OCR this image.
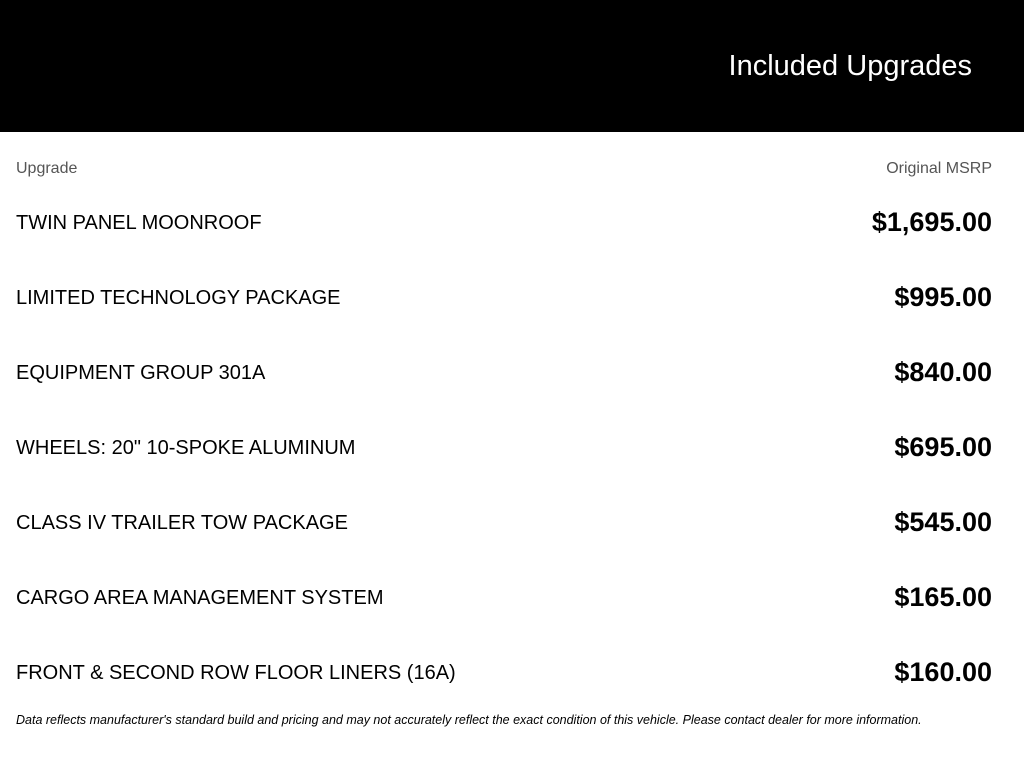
Included Upgrades
Upgrade	Original MSRP
TWIN PANEL MOONROOF	$1,695.00
LIMITED TECHNOLOGY PACKAGE	$995.00
EQUIPMENT GROUP 301A	$840.00
WHEELS: 20" 10-SPOKE ALUMINUM	$695.00
CLASS IV TRAILER TOW PACKAGE	$545.00
CARGO AREA MANAGEMENT SYSTEM	$165.00
FRONT & SECOND ROW FLOOR LINERS (16A)	$160.00
Data reflects manufacturer's standard build and pricing and may not accurately reflect the exact condition of this vehicle. Please contact dealer for more information.
